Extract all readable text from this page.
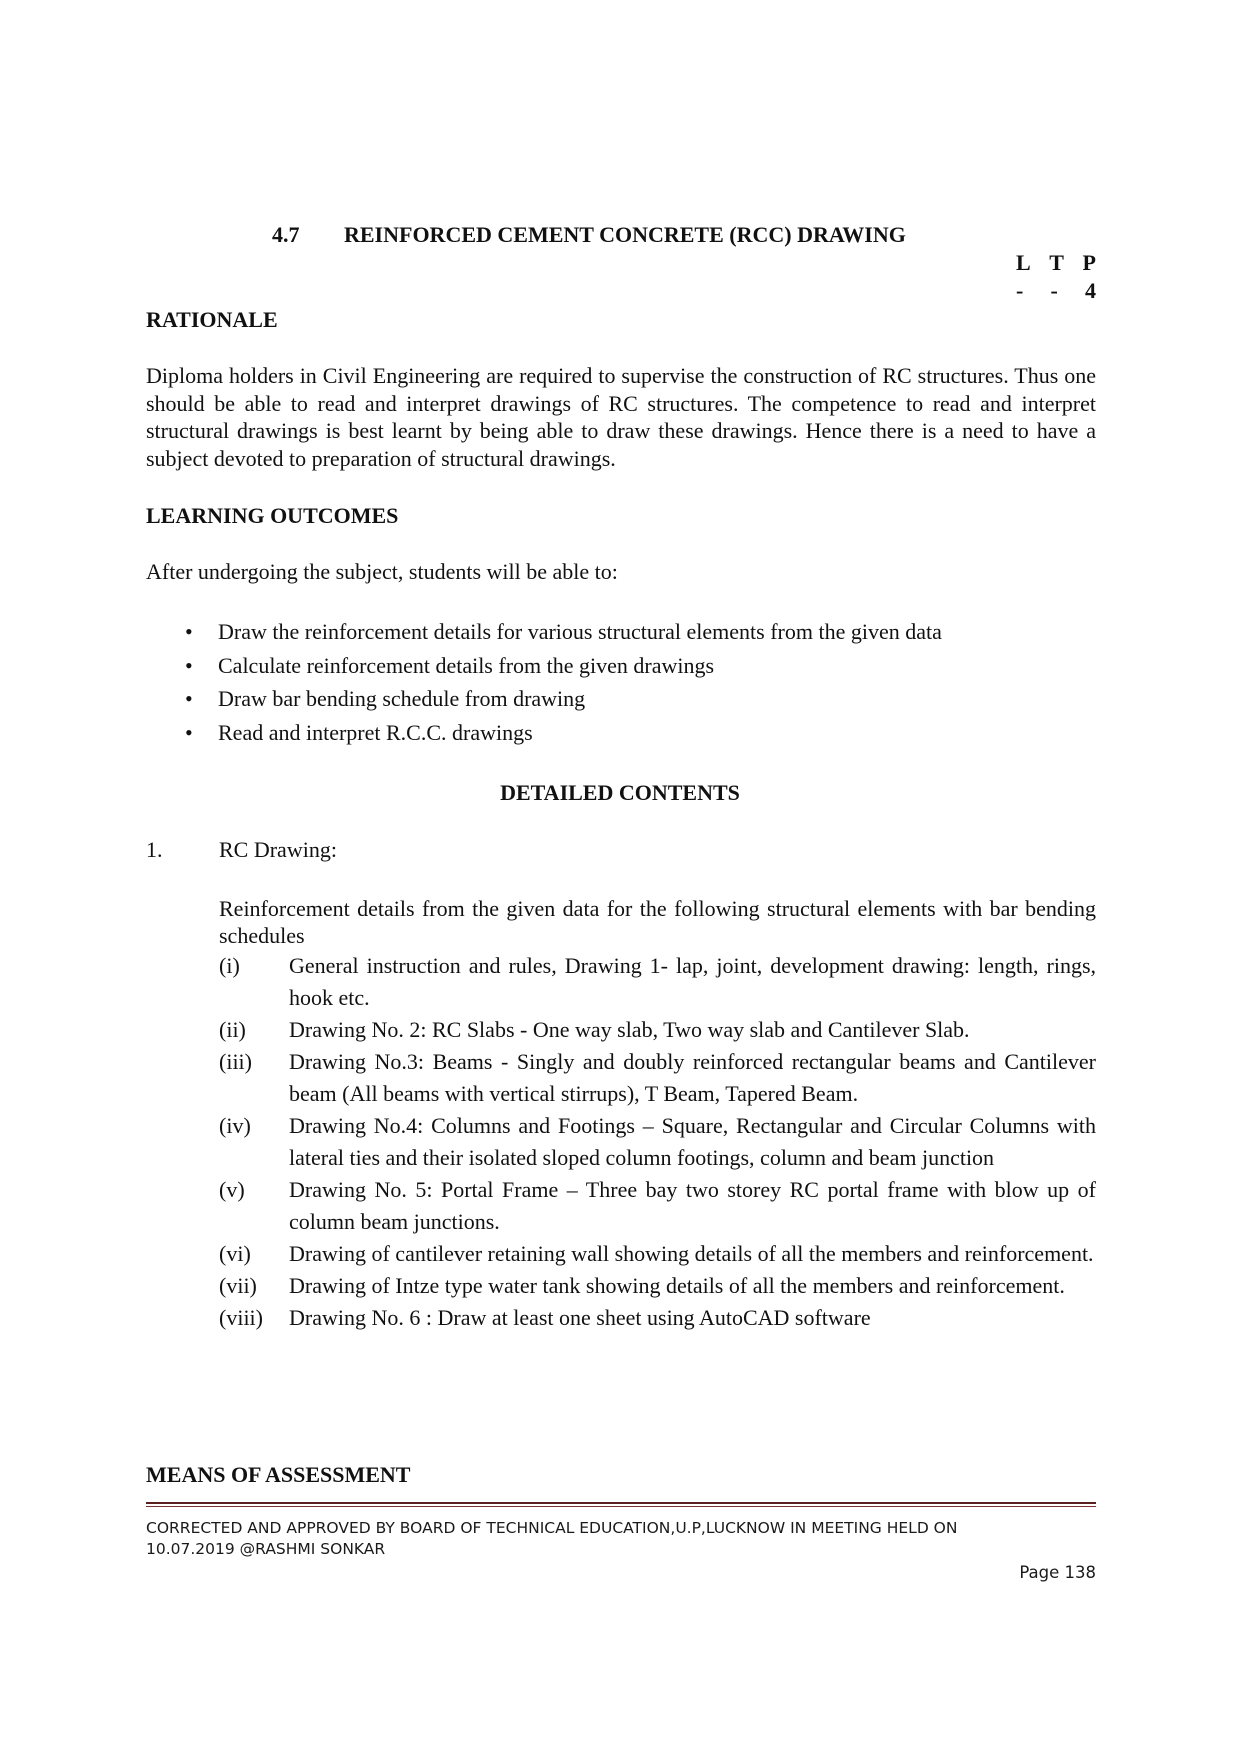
4.7 REINFORCED CEMENT CONCRETE (RCC) DRAWING
L T P
- - 4
RATIONALE
Diploma holders in Civil Engineering are required to supervise the construction of RC structures. Thus one should be able to read and interpret drawings of RC structures. The competence to read and interpret structural drawings is best learnt by being able to draw these drawings. Hence there is a need to have a subject devoted to preparation of structural drawings.
LEARNING OUTCOMES
After undergoing the subject, students will be able to:
• Draw the reinforcement details for various structural elements from the given data
• Calculate reinforcement details from the given drawings
• Draw bar bending schedule from drawing
• Read and interpret R.C.C. drawings
DETAILED CONTENTS
1.	RC Drawing:
Reinforcement details from the given data for the following structural elements with bar bending schedules
(i)	General instruction and rules, Drawing 1- lap, joint, development drawing: length, rings, hook etc.
(ii)	Drawing No. 2: RC Slabs - One way slab, Two way slab and Cantilever Slab.
(iii)	Drawing No.3: Beams - Singly and doubly reinforced rectangular beams and Cantilever beam (All beams with vertical stirrups), T Beam, Tapered Beam.
(iv)	Drawing No.4: Columns and Footings – Square, Rectangular and Circular Columns with lateral ties and their isolated sloped column footings, column and beam junction
(v)	Drawing No. 5: Portal Frame – Three bay two storey RC portal frame with blow up of column beam junctions.
(vi)	Drawing of cantilever retaining wall showing details of all the members and reinforcement.
(vii)	Drawing of Intze type water tank showing details of all the members and reinforcement.
(viii)	Drawing No. 6 : Draw at least one sheet using AutoCAD software
MEANS OF ASSESSMENT
CORRECTED AND APPROVED BY BOARD OF TECHNICAL EDUCATION,U.P,LUCKNOW IN MEETING HELD ON
10.07.2019 @RASHMI SONKAR
Page 138
